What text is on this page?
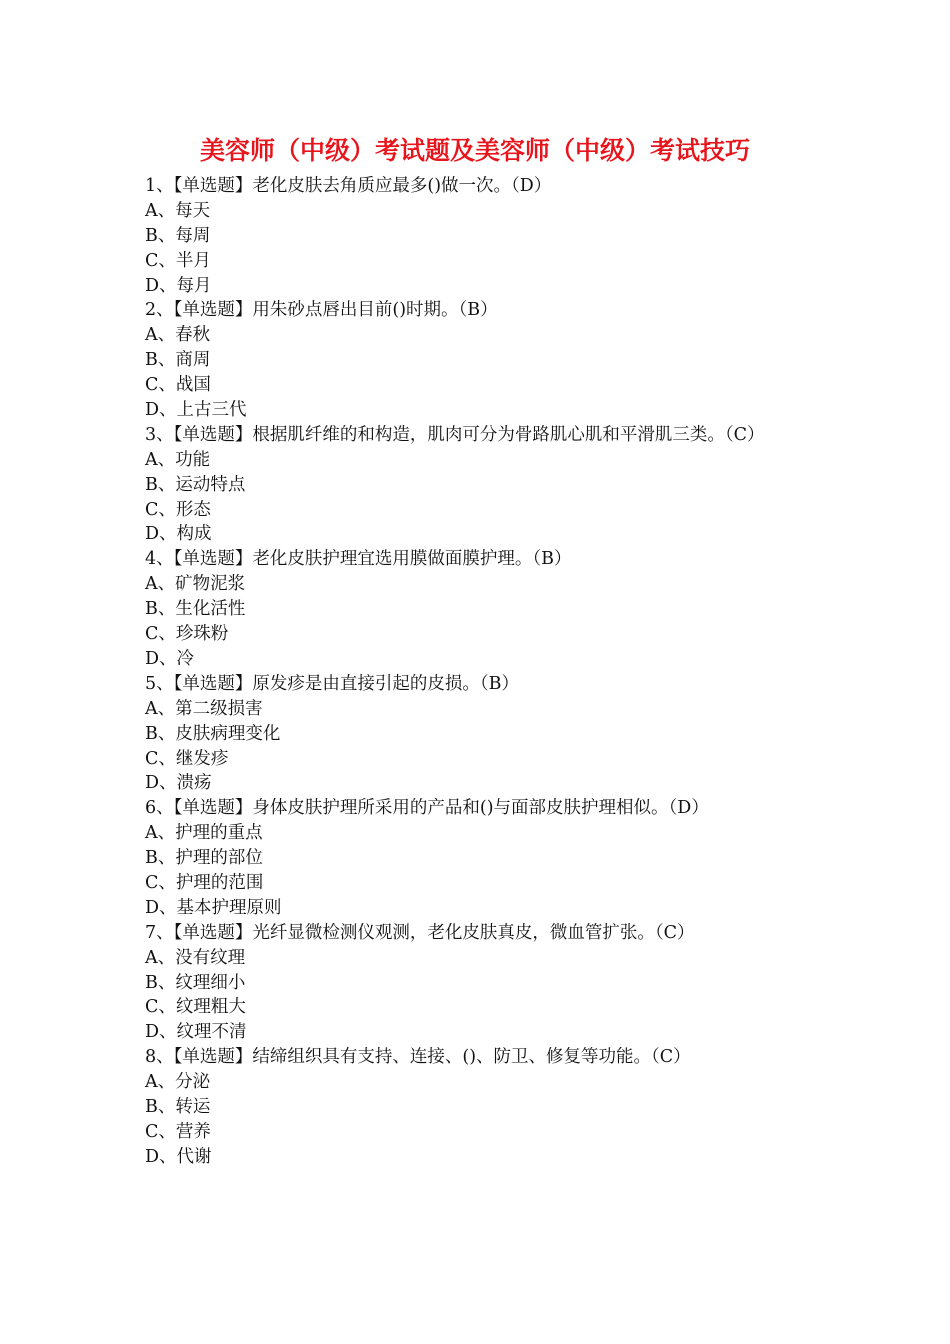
美容师（中级）考试题及美容师（中级）考试技巧
1、【单选题】老化皮肤去角质应最多()做一次。（D）
A、每天
B、每周
C、半月
D、每月
2、【单选题】用朱砂点唇出目前()时期。（B）
A、春秋
B、商周
C、战国
D、上古三代
3、【单选题】根据肌纤维的和构造，肌肉可分为骨路肌心肌和平滑肌三类。（C）
A、功能
B、运动特点
C、形态
D、构成
4、【单选题】老化皮肤护理宜选用膜做面膜护理。（B）
A、矿物泥浆
B、生化活性
C、珍珠粉
D、冷
5、【单选题】原发疹是由直接引起的皮损。（B）
A、第二级损害
B、皮肤病理变化
C、继发疹
D、溃疡
6、【单选题】身体皮肤护理所采用的产品和()与面部皮肤护理相似。（D）
A、护理的重点
B、护理的部位
C、护理的范围
D、基本护理原则
7、【单选题】光纤显微检测仪观测，老化皮肤真皮，微血管扩张。（C）
A、没有纹理
B、纹理细小
C、纹理粗大
D、纹理不清
8、【单选题】结缔组织具有支持、连接、()、防卫、修复等功能。（C）
A、分泌
B、转运
C、营养
D、代谢
